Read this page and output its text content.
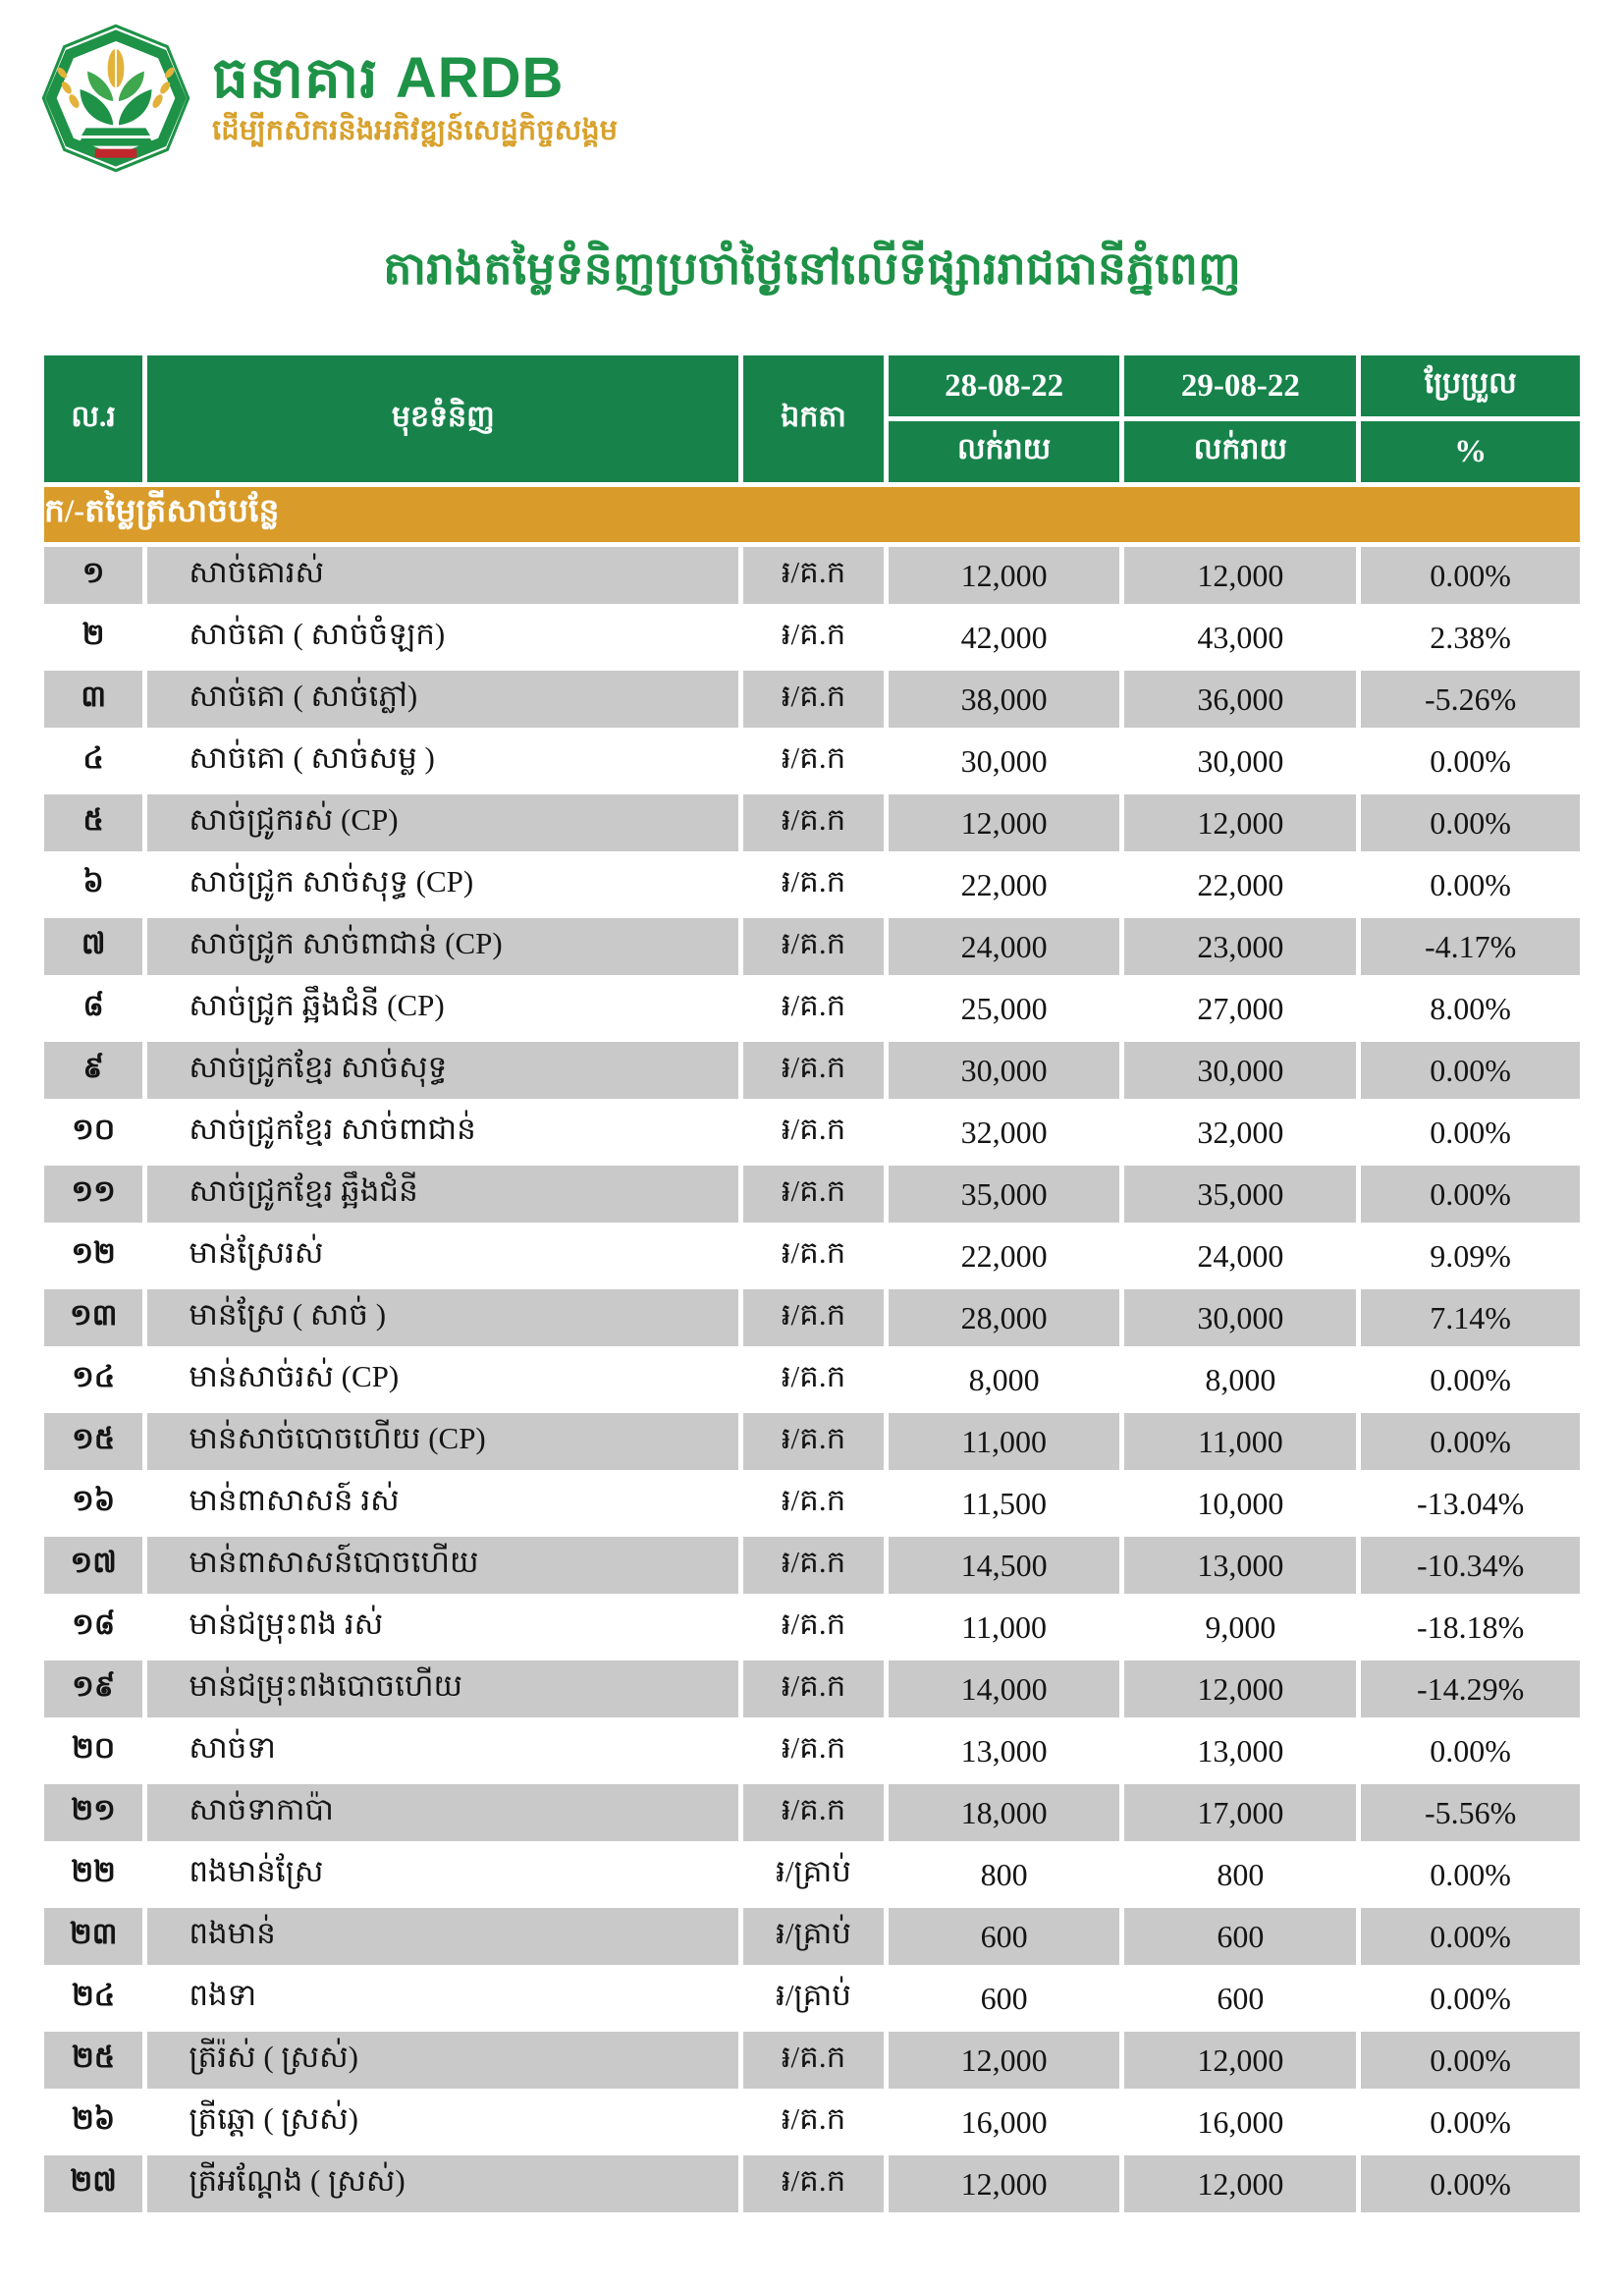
ធនាគារ ARDB
ដើម្បីកសិករនិងអភិវឌ្ឍន៍សេដ្ឋកិច្ចសង្គម
តារាងតម្លៃទំនិញប្រចាំថ្ងៃនៅលើទីផ្សាររាជធានីភ្នំពេញ
ល.រ	មុខទំនិញ	ឯកតា	28-08-22	29-08-22	ប្រែប្រួល
			លក់រាយ	លក់រាយ	%
ក/-តម្លៃត្រីសាច់បន្លែ					
១	សាច់គោរស់	៛/គ.ក	12,000	12,000	0.00%
២	សាច់គោ ( សាច់ចំឡក)	៛/គ.ក	42,000	43,000	2.38%
៣	សាច់គោ ( សាច់ភ្លៅ)	៛/គ.ក	38,000	36,000	-5.26%
៤	សាច់គោ ( សាច់សម្ល )	៛/គ.ក	30,000	30,000	0.00%
៥	សាច់ជ្រូករស់ (CP)	៛/គ.ក	12,000	12,000	0.00%
៦	សាច់ជ្រូក សាច់សុទ្ធ (CP)	៛/គ.ក	22,000	22,000	0.00%
៧	សាច់ជ្រូក សាច់ពាជាន់ (CP)	៛/គ.ក	24,000	23,000	-4.17%
៨	សាច់ជ្រូក ឆ្អឹងជំនី (CP)	៛/គ.ក	25,000	27,000	8.00%
៩	សាច់ជ្រូកខ្មែរ សាច់សុទ្ធ	៛/គ.ក	30,000	30,000	0.00%
១០	សាច់ជ្រូកខ្មែរ សាច់ពាជាន់	៛/គ.ក	32,000	32,000	0.00%
១១	សាច់ជ្រូកខ្មែរ ឆ្អឹងជំនី	៛/គ.ក	35,000	35,000	0.00%
១២	មាន់ស្រែរស់	៛/គ.ក	22,000	24,000	9.09%
១៣	មាន់ស្រែ ( សាច់ )	៛/គ.ក	28,000	30,000	7.14%
១៤	មាន់សាច់រស់ (CP)	៛/គ.ក	8,000	8,000	0.00%
១៥	មាន់សាច់បោចហើយ (CP)	៛/គ.ក	11,000	11,000	0.00%
១៦	មាន់ពាសាសន៍ រស់	៛/គ.ក	11,500	10,000	-13.04%
១៧	មាន់ពាសាសន៍បោចហើយ	៛/គ.ក	14,500	13,000	-10.34%
១៨	មាន់ជម្រុះពង រស់	៛/គ.ក	11,000	9,000	-18.18%
១៩	មាន់ជម្រុះពងបោចហើយ	៛/គ.ក	14,000	12,000	-14.29%
២០	សាច់ទា	៛/គ.ក	13,000	13,000	0.00%
២១	សាច់ទាកាប៉ា	៛/គ.ក	18,000	17,000	-5.56%
២២	ពងមាន់ស្រែ	៛/គ្រាប់	800	800	0.00%
២៣	ពងមាន់	៛/គ្រាប់	600	600	0.00%
២៤	ពងទា	៛/គ្រាប់	600	600	0.00%
២៥	ត្រីរ៉ស់ ( ស្រស់)	៛/គ.ក	12,000	12,000	0.00%
២៦	ត្រីឆ្ដោ ( ស្រស់)	៛/គ.ក	16,000	16,000	0.00%
២៧	ត្រីអណ្ដែង ( ស្រស់)	៛/គ.ក	12,000	12,000	0.00%
